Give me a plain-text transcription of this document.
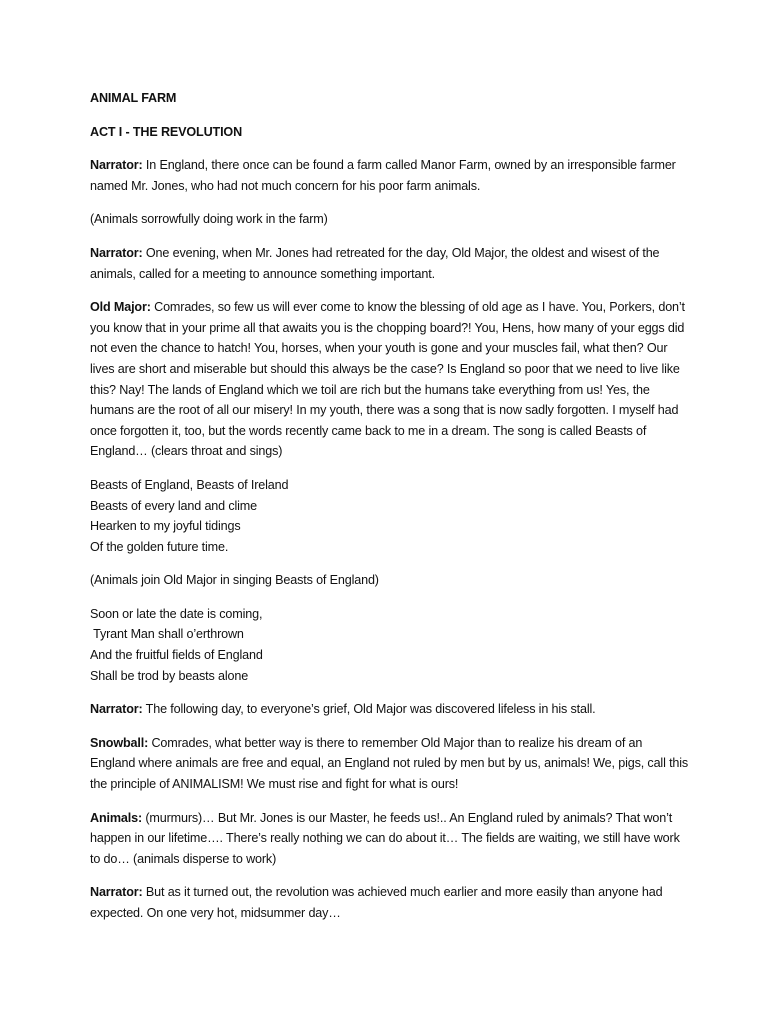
ANIMAL FARM
ACT I - THE REVOLUTION
Narrator: In England, there once can be found a farm called Manor Farm, owned by an irresponsible farmer named Mr. Jones, who had not much concern for his poor farm animals.
(Animals sorrowfully doing work in the farm)
Narrator: One evening, when Mr. Jones had retreated for the day, Old Major, the oldest and wisest of the animals, called for a meeting to announce something important.
Old Major: Comrades, so few us will ever come to know the blessing of old age as I have. You, Porkers, don’t you know that in your prime all that awaits you is the chopping board?! You, Hens, how many of your eggs did not even the chance to hatch! You, horses, when your youth is gone and your muscles fail, what then? Our lives are short and miserable but should this always be the case? Is England so poor that we need to live like this? Nay! The lands of England which we toil are rich but the humans take everything from us! Yes, the humans are the root of all our misery! In my youth, there was a song that is now sadly forgotten. I myself had once forgotten it, too, but the words recently came back to me in a dream. The song is called Beasts of England… (clears throat and sings)
Beasts of England, Beasts of Ireland
Beasts of every land and clime
Hearken to my joyful tidings
Of the golden future time.
(Animals join Old Major in singing Beasts of England)
Soon or late the date is coming,
Tyrant Man shall o’erthrown
And the fruitful fields of England
Shall be trod by beasts alone
Narrator: The following day, to everyone’s grief, Old Major was discovered lifeless in his stall.
Snowball: Comrades, what better way is there to remember Old Major than to realize his dream of an England where animals are free and equal, an England not ruled by men but by us, animals! We, pigs, call this the principle of ANIMALISM! We must rise and fight for what is ours!
Animals: (murmurs)… But Mr. Jones is our Master, he feeds us!.. An England ruled by animals? That won’t happen in our lifetime…. There’s really nothing we can do about it… The fields are waiting, we still have work to do… (animals disperse to work)
Narrator: But as it turned out, the revolution was achieved much earlier and more easily than anyone had expected. On one very hot, midsummer day…
